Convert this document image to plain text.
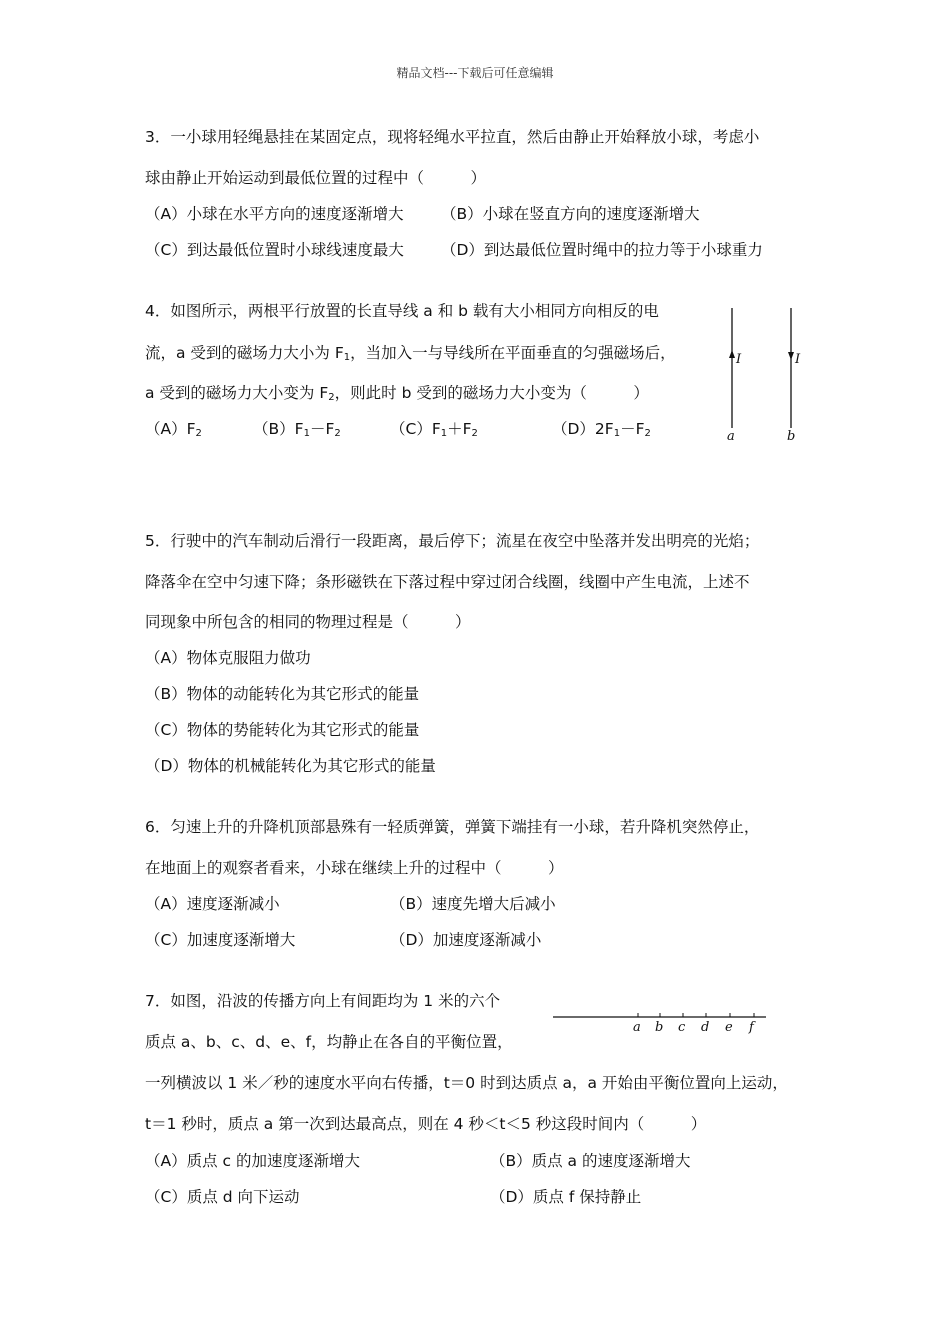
精品文档---下载后可任意编辑
3．一小球用轻绳悬挂在某固定点，现将轻绳水平拉直，然后由静止开始释放小球，考虑小
球由静止开始运动到最低位置的过程中（　　　）
（A）小球在水平方向的速度逐渐增大 （B）小球在竖直方向的速度逐渐增大
（C）到达最低位置时小球线速度最大 （D）到达最低位置时绳中的拉力等于小球重力
4．如图所示，两根平行放置的长直导线 a 和 b 载有大小相同方向相反的电
流，a 受到的磁场力大小为 $F_1$，当加入一与导线所在平面垂直的匀强磁场后，
a 受到的磁场力大小变为 $F_2$，则此时 b 受到的磁场力大小变为（　　　）
$(A)F_2$	$(B)F_1-F_2$	$(C)F_1+F_2$	$(D)2F_1-F_2$
I	I
a	b
5．行驶中的汽车制动后滑行一段距离，最后停下；流星在夜空中坠落并发出明亮的光焰；
降落伞在空中匀速下降；条形磁铁在下落过程中穿过闭合线圈，线圈中产生电流，上述不
同现象中所包含的相同的物理过程是（　　　）
（A）物体克服阻力做功
（B）物体的动能转化为其它形式的能量
（C）物体的势能转化为其它形式的能量
（D）物体的机械能转化为其它形式的能量
6．匀速上升的升降机顶部悬殊有一轻质弹簧，弹簧下端挂有一小球，若升降机突然停止，
在地面上的观察者看来，小球在继续上升的过程中（　　　）
（A）速度逐渐减小	（B）速度先增大后减小
（C）加速度逐渐增大	（D）加速度逐渐减小
7．如图，沿波的传播方向上有间距均为 1 米的六个
质点 a、b、c、d、e、f，均静止在各自的平衡位置，
一列横波以 1 米／秒的速度水平向右传播，t＝0 时到达质点 a，a 开始由平衡位置向上运动，
t＝1 秒时，质点 a 第一次到达最高点，则在 4 秒＜t＜5 秒这段时间内（　　　）
（A）质点 c 的加速度逐渐增大	（B）质点 a 的速度逐渐增大
（C）质点 d 向下运动	（D）质点 f 保持静止
a b c d e f
